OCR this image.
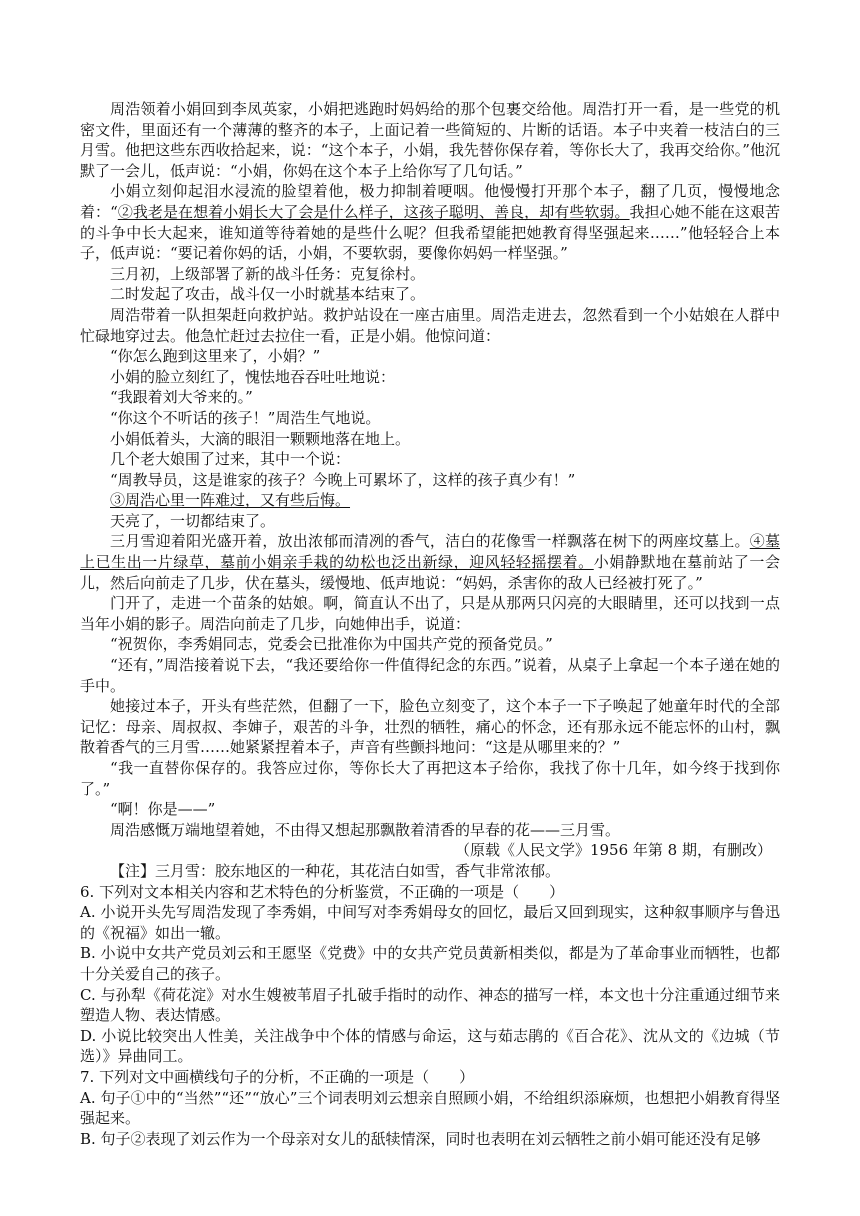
周浩领着小娟回到李凤英家，小娟把逃跑时妈妈给的那个包裹交给他。周浩打开一看，是一些党的机密文件，里面还有一个薄薄的整齐的本子，上面记着一些简短的、片断的话语。本子中夹着一枝洁白的三月雪。他把这些东西收拾起来，说：“这个本子，小娟，我先替你保存着，等你长大了，我再交给你。”他沉默了一会儿，低声说：“小娟，你妈在这个本子上给你写了几句话。”

小娟立刻仰起泪水浸流的脸望着他，极力抑制着哽咽。他慢慢打开那个本子，翻了几页，慢慢地念着：“②我老是在想着小娟长大了会是什么样子，这孩子聪明、善良，却有些软弱。我担心她不能在这艰苦的斗争中长大起来，谁知道等待着她的是些什么呢？但我希望能把她教育得坚强起来……”他轻轻合上本子，低声说：“要记着你妈的话，小娟，不要软弱，要像你妈妈一样坚强。”

三月初，上级部署了新的战斗任务：克复徐村。

二时发起了攻击，战斗仅一小时就基本结束了。

周浩带着一队担架赶向救护站。救护站设在一座古庙里。周浩走进去，忽然看到一个小姑娘在人群中忙碌地穿过去。他急忙赶过去拉住一看，正是小娟。他惊问道：

“你怎么跑到这里来了，小娟？”

小娟的脸立刻红了，愧怯地吞吞吐吐地说：

“我跟着刘大爷来的。”

“你这个不听话的孩子！”周浩生气地说。

小娟低着头，大滴的眼泪一颗颗地落在地上。

几个老大娘围了过来，其中一个说：

“周教导员，这是谁家的孩子？今晚上可累坏了，这样的孩子真少有！”

③周浩心里一阵难过，又有些后悔。

天亮了，一切都结束了。

三月雪迎着阳光盛开着，放出浓郁而清冽的香气，洁白的花像雪一样飘落在树下的两座坟墓上。④墓上已生出一片绿草，墓前小娟亲手栽的幼松也泛出新绿，迎风轻轻摇摆着。小娟静默地在墓前站了一会儿，然后向前走了几步，伏在墓头，缓慢地、低声地说：“妈妈，杀害你的敌人已经被打死了。”

门开了，走进一个苗条的姑娘。啊，简直认不出了，只是从那两只闪亮的大眼睛里，还可以找到一点当年小娟的影子。周浩向前走了几步，向她伸出手，说道：

“祝贺你，李秀娟同志，党委会已批准你为中国共产党的预备党员。”

“还有，”周浩接着说下去，“我还要给你一件值得纪念的东西。”说着，从桌子上拿起一个本子递在她的手中。

她接过本子，开头有些茫然，但翻了一下，脸色立刻变了，这个本子一下子唤起了她童年时代的全部记忆：母亲、周叔叔、李婶子，艰苦的斗争，壮烈的牺牲，痛心的怀念，还有那永远不能忘怀的山村，飘散着香气的三月雪……她紧紧捏着本子，声音有些颤抖地问：“这是从哪里来的？”

“我一直替你保存的。我答应过你，等你长大了再把这本子给你，我找了你十几年，如今终于找到你了。”

“啊！你是——”

周浩感慨万端地望着她，不由得又想起那飘散着清香的早春的花——三月雪。

（原载《人民文学》1956 年第 8 期，有删改）

【注】三月雪：胶东地区的一种花，其花洁白如雪，香气非常浓郁。

6. 下列对文本相关内容和艺术特色的分析鉴赏，不正确的一项是（　　）

A. 小说开头先写周浩发现了李秀娟，中间写对李秀娟母女的回忆，最后又回到现实，这种叙事顺序与鲁迅的《祝福》如出一辙。

B. 小说中女共产党员刘云和王愿坚《党费》中的女共产党员黄新相类似，都是为了革命事业而牺牲，也都十分关爱自己的孩子。

C. 与孙犁《荷花淀》对水生嫂被苇眉子扎破手指时的动作、神态的描写一样，本文也十分注重通过细节来塑造人物、表达情感。

D. 小说比较突出人性美，关注战争中个体的情感与命运，这与茹志鹃的《百合花》、沈从文的《边城（节选）》异曲同工。

7. 下列对文中画横线句子的分析，不正确的一项是（　　）

A. 句子①中的“当然”“还”“放心”三个词表明刘云想亲自照顾小娟，不给组织添麻烦，也想把小娟教育得坚强起来。

B. 句子②表现了刘云作为一个母亲对女儿的舐犊情深，同时也表明在刘云牺牲之前小娟可能还没有足够
